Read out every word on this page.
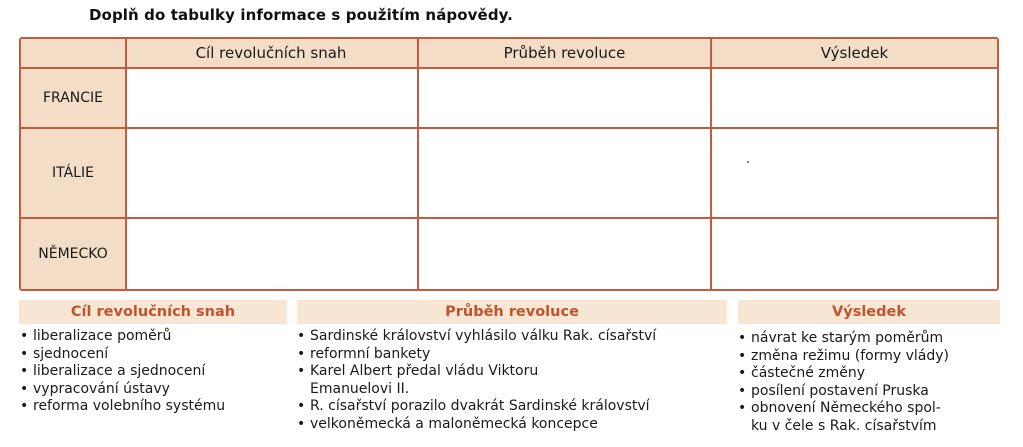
Doplň do tabulky informace s použitím nápovědy.
Cíl revolučních snah	Průběh revoluce	Výsledek
FRANCIE
ITÁLIE
NĚMECKO
Cíl revolučních snah	Průběh revoluce	Výsledek
• liberalizace poměrů
• sjednocení
• liberalizace a sjednocení
• vypracování ústavy
• reforma volebního systému
• Sardinské království vyhlásilo válku Rak. císařství
• reformní bankety
• Karel Albert předal vládu Viktoru
Emanuelovi II.
• R. císařství porazilo dvakrát Sardinské království
• velkoněmecká a maloněmecká koncepce
• návrat ke starým poměrům
• změna režimu (formy vlády)
• částečné změny
• posílení postavení Pruska
• obnovení Německého spol-
ku v čele s Rak. císařstvím
